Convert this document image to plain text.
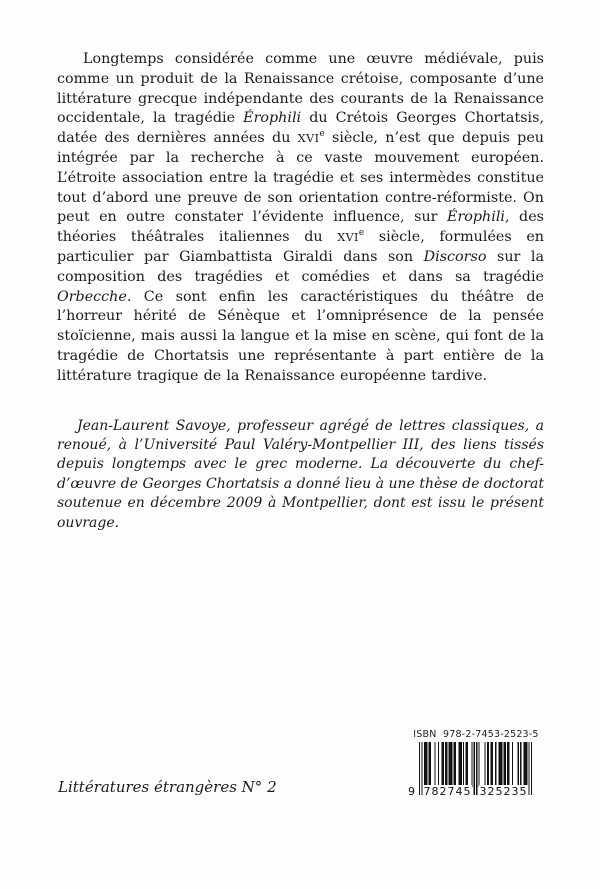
Longtemps considérée comme une œuvre médiévale, puis comme un produit de la Renaissance crétoise, composante d’une littérature grecque indépendante des courants de la Renaissance occidentale, la tragédie Érophili du Crétois Georges Chortatsis, datée des dernières années du XVIe siècle, n’est que depuis peu intégrée par la recherche à ce vaste mouvement européen. L’étroite association entre la tragédie et ses intermèdes constitue tout d’abord une preuve de son orientation contre-réformiste. On peut en outre constater l’évidente influence, sur Érophili, des théories théâtrales italiennes du XVIe siècle, formulées en particulier par Giambattista Giraldi dans son Discorso sur la composition des tragédies et comédies et dans sa tragédie Orbecche. Ce sont enfin les caractéristiques du théâtre de l’horreur hérité de Sénèque et l’omniprésence de la pensée stoïcienne, mais aussi la langue et la mise en scène, qui font de la tragédie de Chortatsis une représentante à part entière de la littérature tragique de la Renaissance européenne tardive.

Jean-Laurent Savoye, professeur agrégé de lettres classiques, a renoué, à l’Université Paul Valéry-Montpellier III, des liens tissés depuis longtemps avec le grec moderne. La découverte du chef-d’œuvre de Georges Chortatsis a donné lieu à une thèse de doctorat soutenue en décembre 2009 à Montpellier, dont est issu le présent ouvrage.

Littératures étrangères N° 2
ISBN  978-2-7453-2523-5
9 782745 325235
